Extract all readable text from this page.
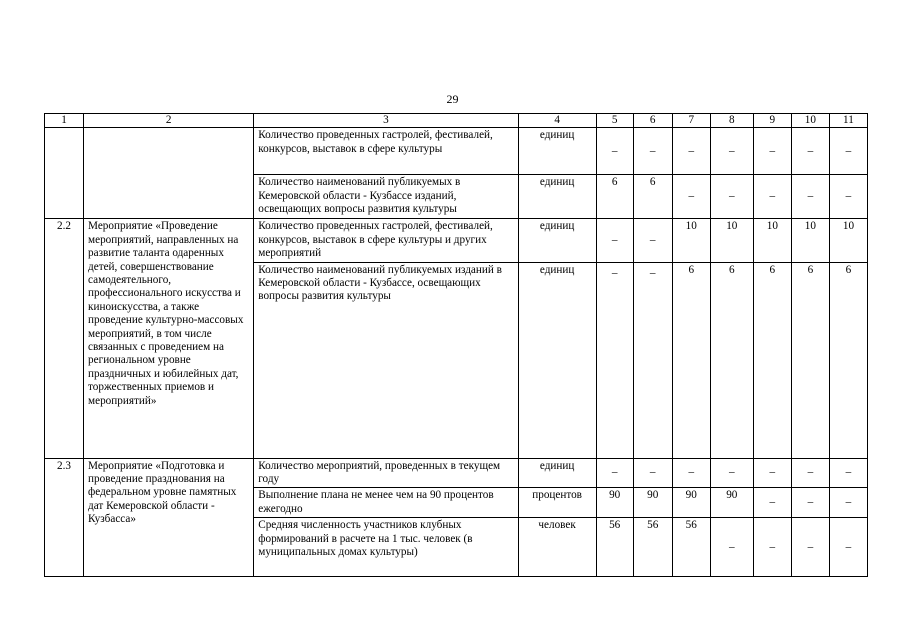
29
1	2	3	4	5	6	7	8	9	10	11
		Количество проведенных гастролей, фестивалей, конкурсов, выставок в сфере культуры	единиц	–	–	–	–	–	–	–
		Количество наименований публикуемых в Кемеровской области - Кузбассе изданий, освещающих вопросы развития культуры	единиц	6	6	–	–	–	–	–
2.2	Мероприятие «Проведение мероприятий, направленных на развитие таланта одаренных детей, совершенствование самодеятельного, профессионального искусства и киноискусства, а также проведение культурно-массовых мероприятий, в том числе связанных с проведением на региональном уровне праздничных и юбилейных дат, торжественных приемов и мероприятий»	Количество проведенных гастролей, фестивалей, конкурсов, выставок в сфере культуры и других мероприятий	единиц	–	–	10	10	10	10	10
		Количество наименований публикуемых изданий в Кемеровской области - Кузбассе, освещающих вопросы развития культуры	единиц	–	–	6	6	6	6	6
2.3	Мероприятие «Подготовка и проведение празднования на федеральном уровне памятных дат Кемеровской области - Кузбасса»	Количество мероприятий, проведенных в текущем году	единиц	–	–	–	–	–	–	–
		Выполнение плана не менее чем на 90 процентов ежегодно	процентов	90	90	90	90	–	–	–
		Средняя численность участников клубных формирований в расчете на 1 тыс. человек (в муниципальных домах культуры)	человек	56	56	56	–	–	–	–
